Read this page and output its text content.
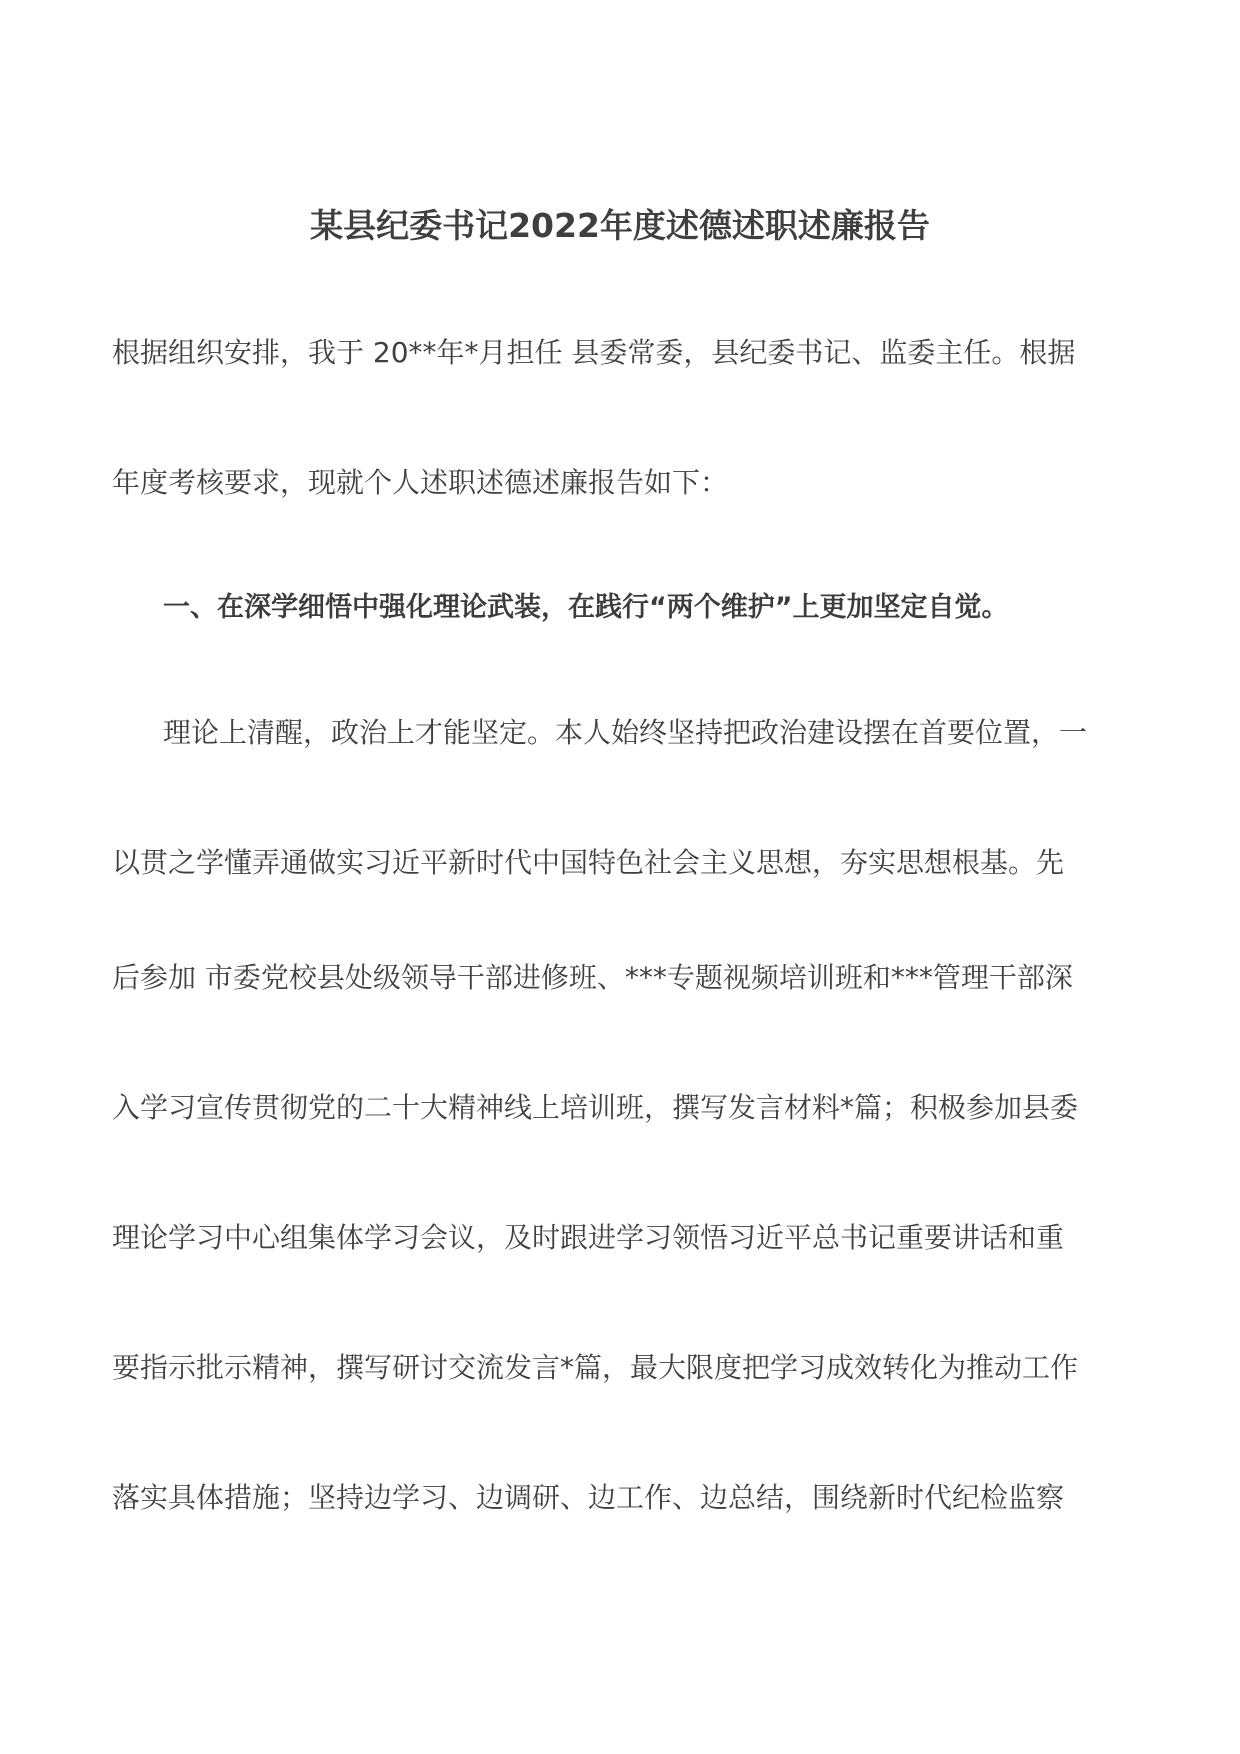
某县纪委书记2022年度述德述职述廉报告
根据组织安排，我于 20**年*月担任 县委常委，县纪委书记、监委主任。根据
年度考核要求，现就个人述职述德述廉报告如下：
一、在深学细悟中强化理论武装，在践行“两个维护”上更加坚定自觉。
理论上清醒，政治上才能坚定。本人始终坚持把政治建设摆在首要位置，一
以贯之学懂弄通做实习近平新时代中国特色社会主义思想，夯实思想根基。先
后参加 市委党校县处级领导干部进修班、***专题视频培训班和***管理干部深
入学习宣传贯彻党的二十大精神线上培训班，撰写发言材料*篇；积极参加县委
理论学习中心组集体学习会议，及时跟进学习领悟习近平总书记重要讲话和重
要指示批示精神，撰写研讨交流发言*篇，最大限度把学习成效转化为推动工作
落实具体措施；坚持边学习、边调研、边工作、边总结，围绕新时代纪检监察
